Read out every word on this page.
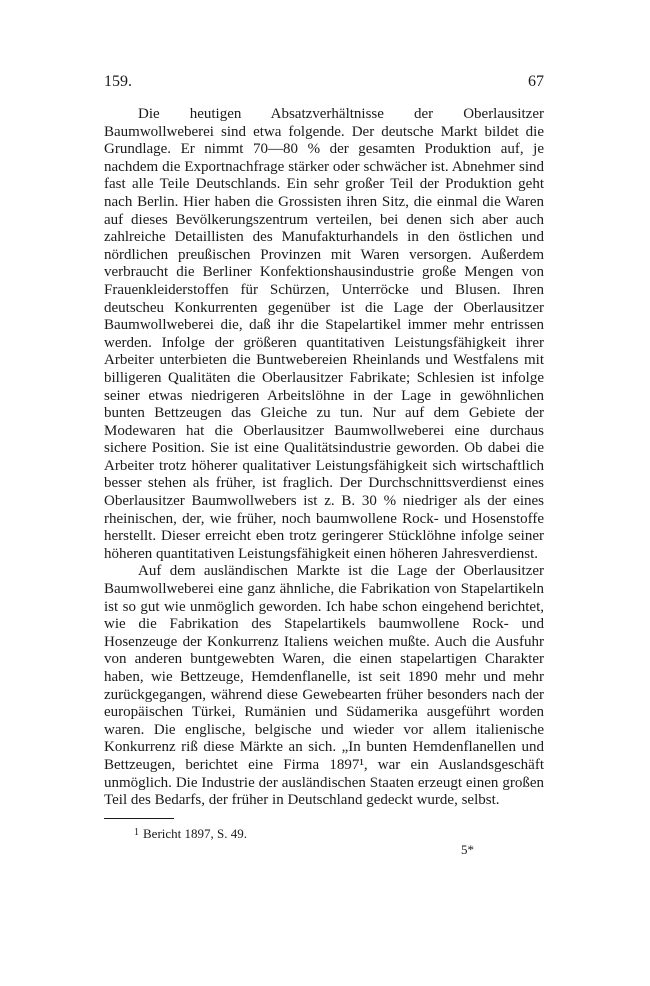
159.	67

Die heutigen Absatzverhältnisse der Oberlausitzer Baumwollweberei sind etwa folgende. Der deutsche Markt bildet die Grundlage. Er nimmt 70—80 % der gesamten Produktion auf, je nachdem die Exportnachfrage stärker oder schwächer ist. Abnehmer sind fast alle Teile Deutschlands. Ein sehr großer Teil der Produktion geht nach Berlin. Hier haben die Grossisten ihren Sitz, die einmal die Waren auf dieses Bevölkerungszentrum verteilen, bei denen sich aber auch zahlreiche Detaillisten des Manufakturhandels in den östlichen und nördlichen preußischen Provinzen mit Waren versorgen. Außerdem verbraucht die Berliner Konfektionshausindustrie große Mengen von Frauenkleiderstoffen für Schürzen, Unterröcke und Blusen. Ihren deutscheu Konkurrenten gegenüber ist die Lage der Oberlausitzer Baumwollweberei die, daß ihr die Stapelartikel immer mehr entrissen werden. Infolge der größeren quantitativen Leistungsfähigkeit ihrer Arbeiter unterbieten die Buntwebereien Rheinlands und Westfalens mit billigeren Qualitäten die Oberlausitzer Fabrikate; Schlesien ist infolge seiner etwas niedrigeren Arbeitslöhne in der Lage in gewöhnlichen bunten Bettzeugen das Gleiche zu tun. Nur auf dem Gebiete der Modewaren hat die Oberlausitzer Baumwollweberei eine durchaus sichere Position. Sie ist eine Qualitätsindustrie geworden. Ob dabei die Arbeiter trotz höherer qualitativer Leistungsfähigkeit sich wirtschaftlich besser stehen als früher, ist fraglich. Der Durchschnittsverdienst eines Oberlausitzer Baumwollwebers ist z. B. 30 % niedriger als der eines rheinischen, der, wie früher, noch baumwollene Rock- und Hosenstoffe herstellt. Dieser erreicht eben trotz geringerer Stücklöhne infolge seiner höheren quantitativen Leistungsfähigkeit einen höheren Jahresverdienst.

Auf dem ausländischen Markte ist die Lage der Oberlausitzer Baumwollweberei eine ganz ähnliche, die Fabrikation von Stapelartikeln ist so gut wie unmöglich geworden. Ich habe schon eingehend berichtet, wie die Fabrikation des Stapelartikels baumwollene Rock- und Hosenzeuge der Konkurrenz Italiens weichen mußte. Auch die Ausfuhr von anderen buntgewebten Waren, die einen stapelartigen Charakter haben, wie Bettzeuge, Hemdenflanelle, ist seit 1890 mehr und mehr zurückgegangen, während diese Gewebearten früher besonders nach der europäischen Türkei, Rumänien und Südamerika ausgeführt worden waren. Die englische, belgische und wieder vor allem italienische Konkurrenz riß diese Märkte an sich. „In bunten Hemdenflanellen und Bettzeugen, berichtet eine Firma 1897¹, war ein Auslandsgeschäft unmöglich. Die Industrie der ausländischen Staaten erzeugt einen großen Teil des Bedarfs, der früher in Deutschland gedeckt wurde, selbst.

$^1$ Bericht 1897, S. 49.
5*
